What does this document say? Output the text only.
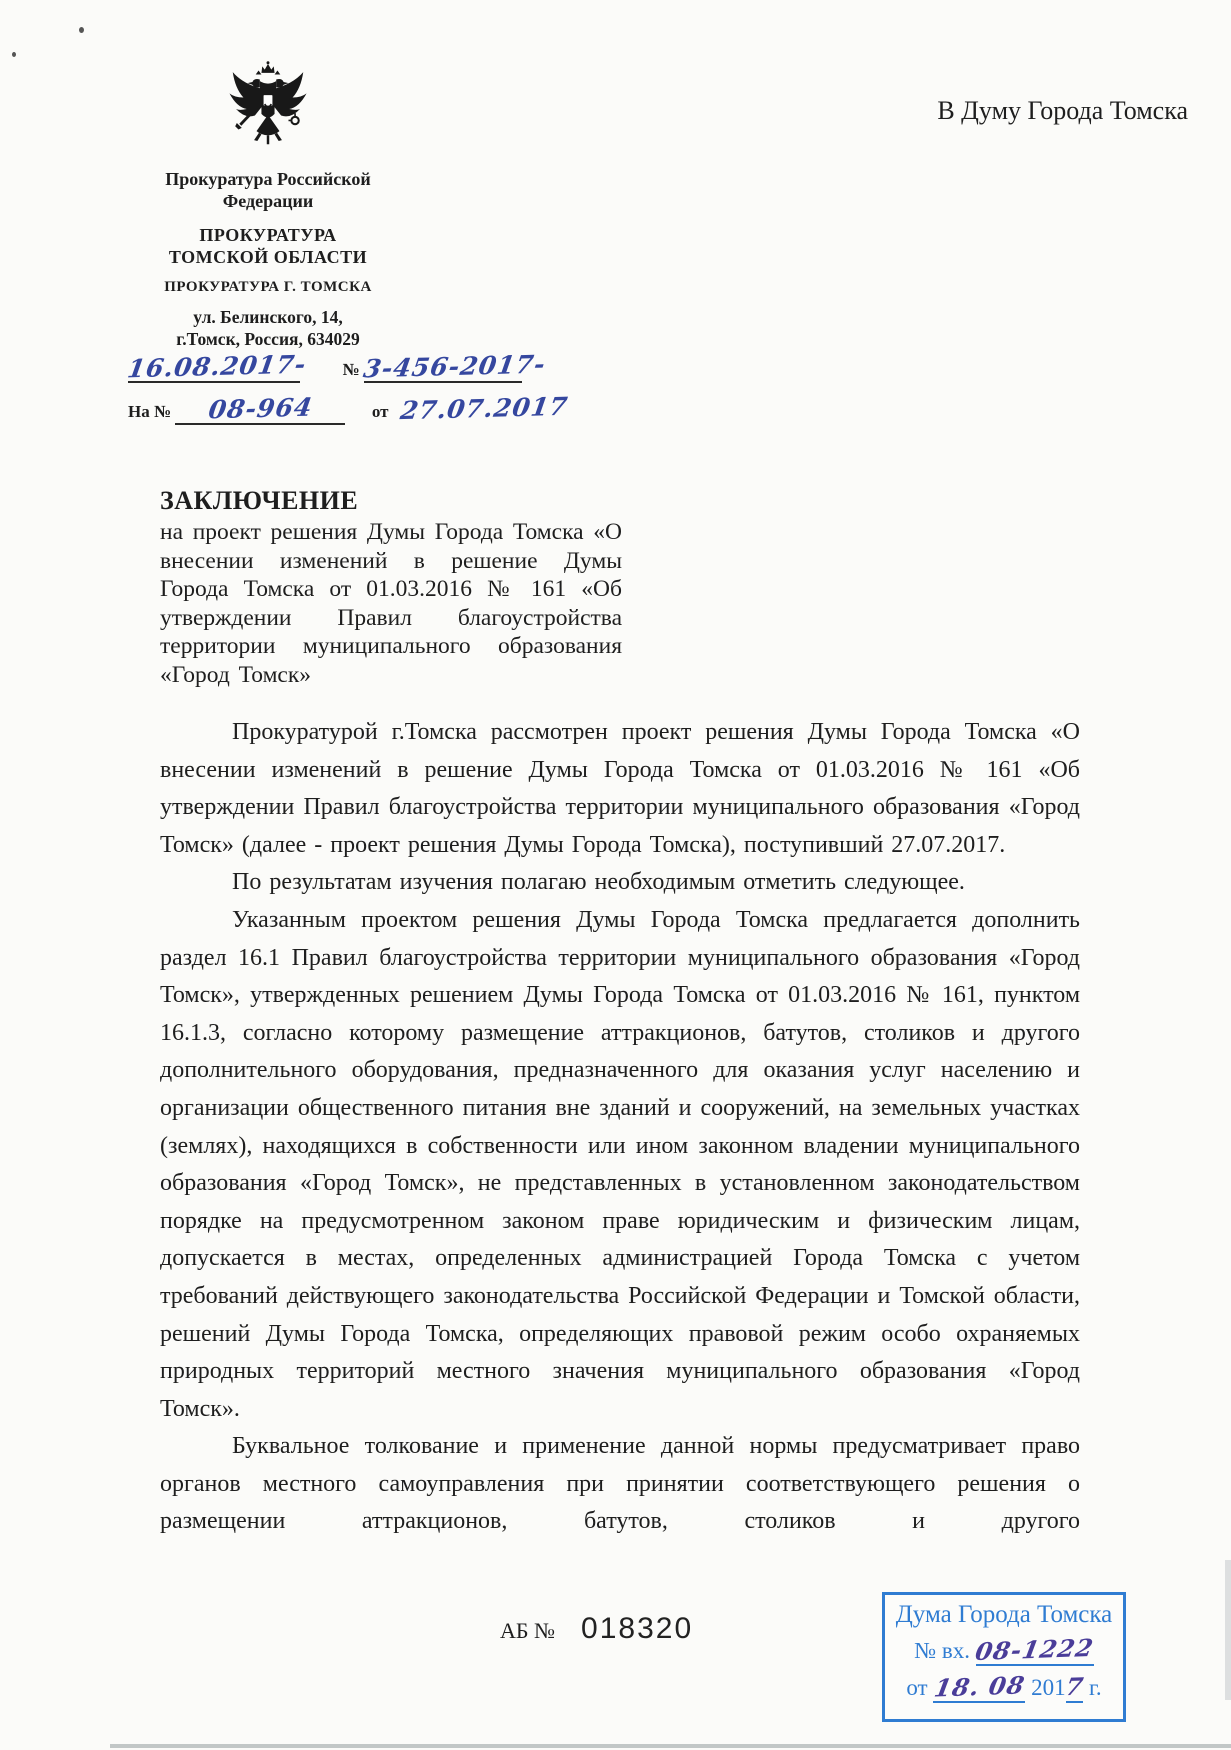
Прокуратура Российской
Федерации
ПРОКУРАТУРА
ТОМСКОЙ ОБЛАСТИ
ПРОКУРАТУРА Г. ТОМСКА
ул. Белинского, 14,
г.Томск, Россия, 634029
16.08.2017- № 3-456-2017-
На № 08-964	от 27.07.2017
В Думу Города Томска
ЗАКЛЮЧЕНИЕ
на проект решения Думы Города Томска «О внесении изменений в решение Думы Города Томска от 01.03.2016 № 161 «Об утверждении Правил благоустройства территории муниципального образования «Город Томск»

Прокуратурой г.Томска рассмотрен проект решения Думы Города Томска «О внесении изменений в решение Думы Города Томска от 01.03.2016 № 161 «Об утверждении Правил благоустройства территории муниципального образования «Город Томск» (далее - проект решения Думы Города Томска), поступивший 27.07.2017.

По результатам изучения полагаю необходимым отметить следующее.

Указанным проектом решения Думы Города Томска предлагается дополнить раздел 16.1 Правил благоустройства территории муниципального образования «Город Томск», утвержденных решением Думы Города Томска от 01.03.2016 № 161, пунктом 16.1.3, согласно которому размещение аттракционов, батутов, столиков и другого дополнительного оборудования, предназначенного для оказания услуг населению и организации общественного питания вне зданий и сооружений, на земельных участках (землях), находящихся в собственности или ином законном владении муниципального образования «Город Томск», не представленных в установленном законодательством порядке на предусмотренном законом праве юридическим и физическим лицам, допускается в местах, определенных администрацией Города Томска с учетом требований действующего законодательства Российской Федерации и Томской области, решений Думы Города Томска, определяющих правовой режим особо охраняемых природных территорий местного значения муниципального образования «Город Томск».

Буквальное толкование и применение данной нормы предусматривает право органов местного самоуправления при принятии соответствующего решения о размещении аттракционов, батутов, столиков и другого

АБ № 018320	Дума Города Томска
№ вх. 08-1222
от 18. 08 2017 г.
